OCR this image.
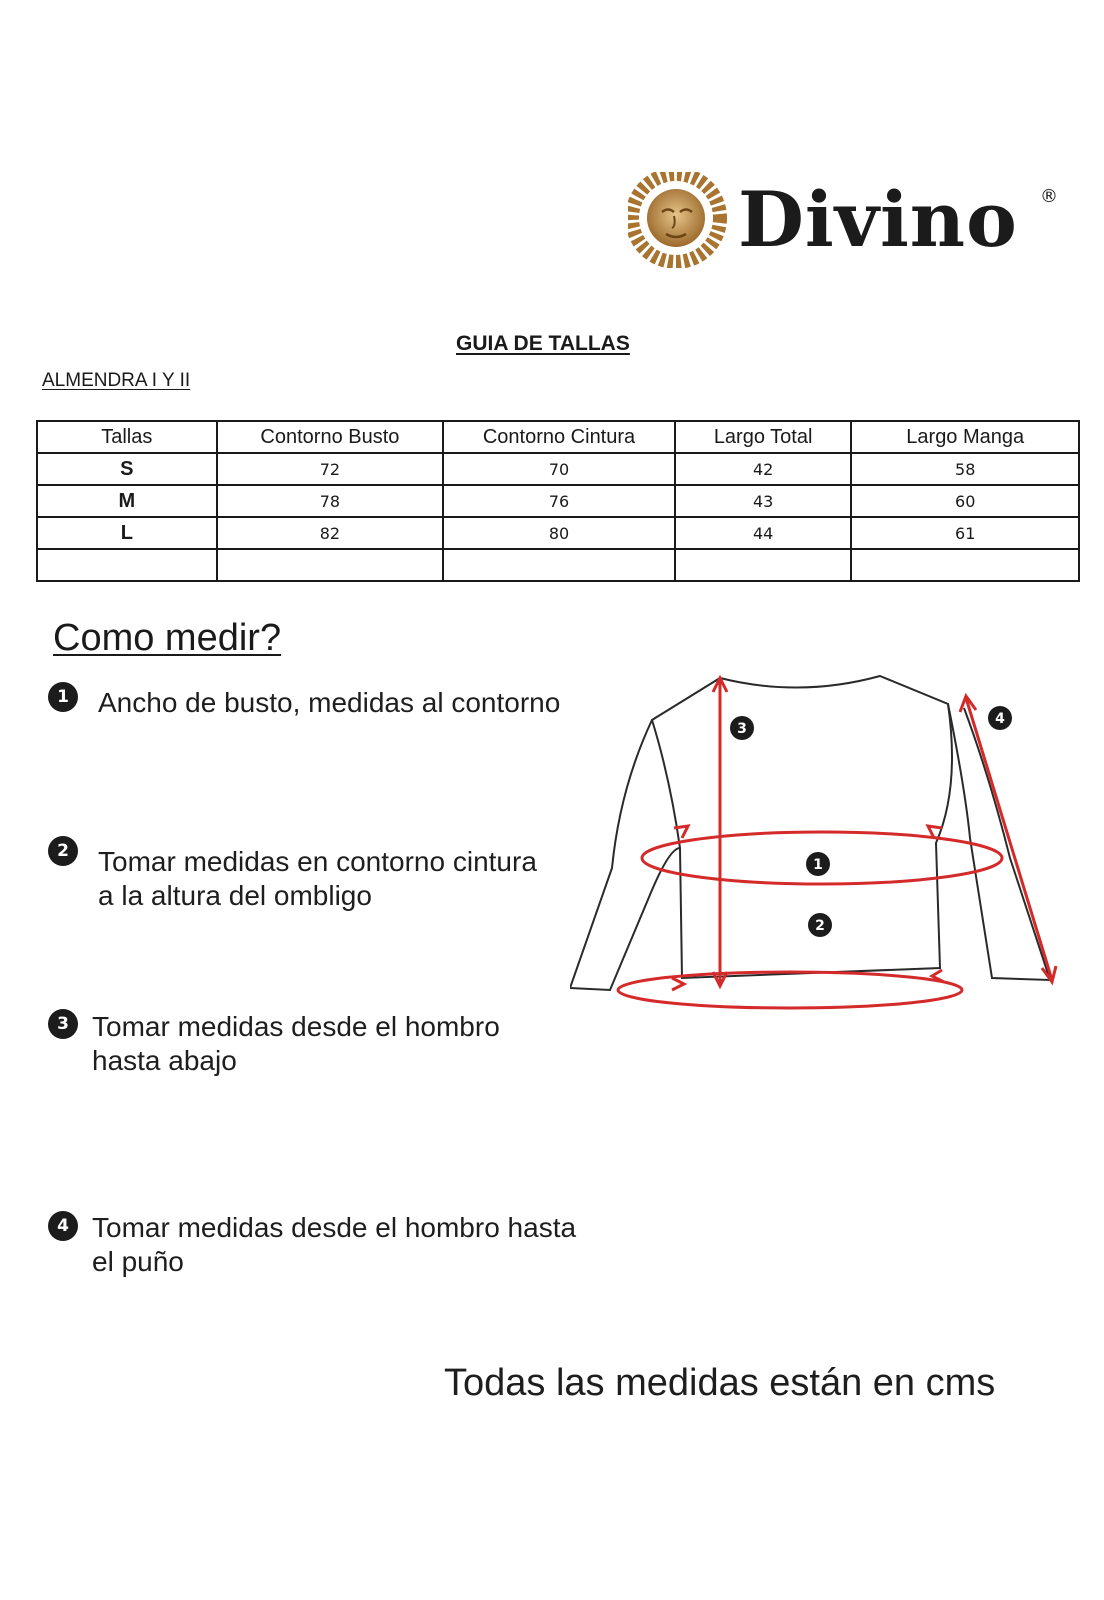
Divino ®
GUIA DE TALLAS
ALMENDRA I Y II
Tallas	Contorno Busto	Contorno Cintura	Largo Total	Largo Manga
S	72	70	42	58
M	78	76	43	60
L	82	80	44	61

Como medir?
1	Ancho de busto, medidas al contorno
2	Tomar medidas en contorno cintura
a la altura del ombligo
3 Tomar medidas desde el hombro
hasta abajo
4 Tomar medidas desde el hombro hasta
el puño
3
4
1
2
Todas las medidas están en cms
